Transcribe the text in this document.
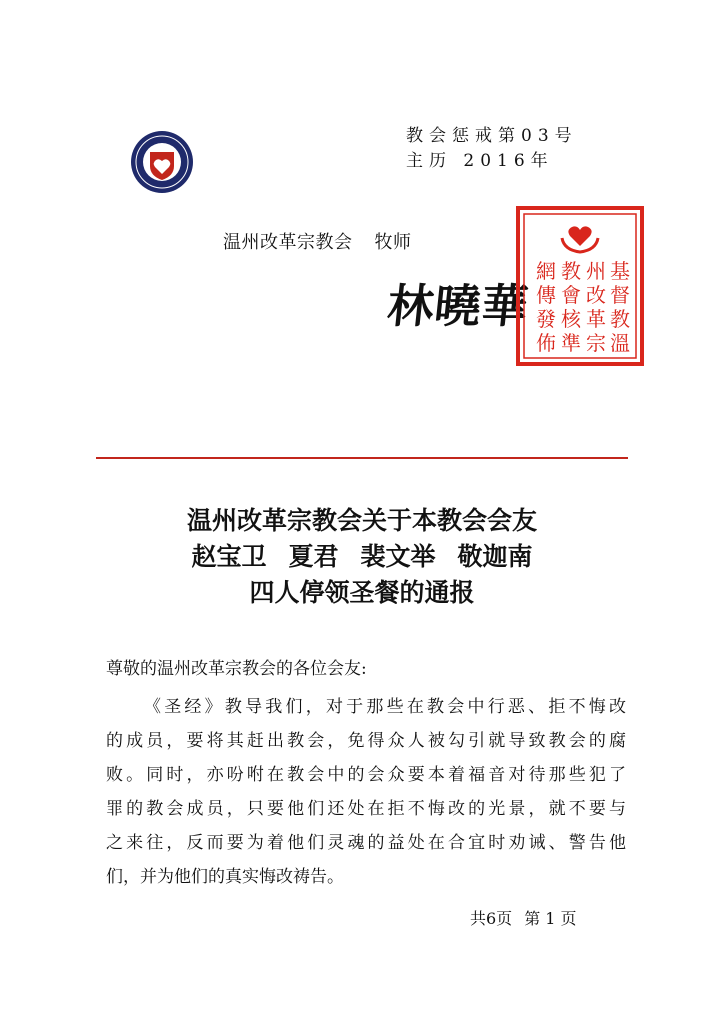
教会惩戒第03号
主历 2016年
温州改革宗教会 牧师
林曉華
基督教溫
州改革宗
教會核準
網傳發佈
温州改革宗教会关于本教会会友
赵宝卫 夏君 裴文举 敬迦南
四人停领圣餐的通报
尊敬的温州改革宗教会的各位会友:
《圣经》教导我们，对于那些在教会中行恶、拒不悔改
的成员，要将其赶出教会，免得众人被勾引就导致教会的腐
败。同时，亦吩咐在教会中的会众要本着福音对待那些犯了
罪的教会成员，只要他们还处在拒不悔改的光景，就不要与
之来往，反而要为着他们灵魂的益处在合宜时劝诫、警告他
们，并为他们的真实悔改祷告。
共6页 第 1 页
